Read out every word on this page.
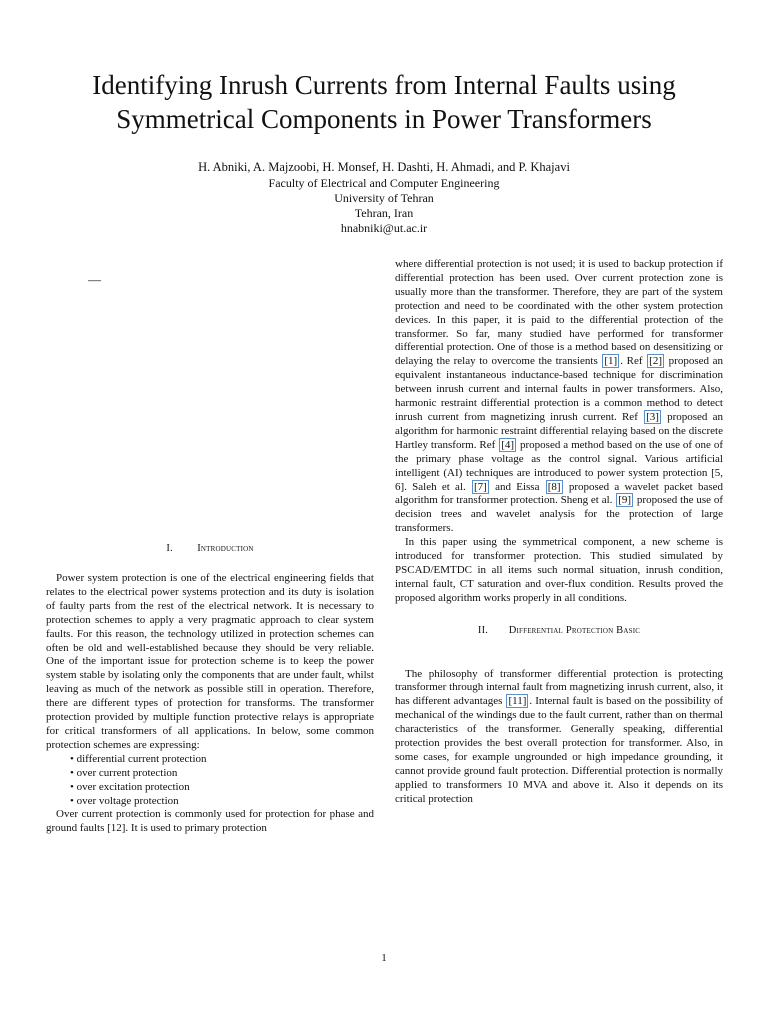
Identifying Inrush Currents from Internal Faults using
Symmetrical Components in Power Transformers
H. Abniki, A. Majzoobi, H. Monsef, H. Dashti, H. Ahmadi, and P. Khajavi
Faculty of Electrical and Computer Engineering
University of Tehran
Tehran, Iran
hnabniki@ut.ac.ir
—
I. Introduction

Power system protection is one of the electrical engineering fields that relates to the electrical power systems protection and its duty is isolation of faulty parts from the rest of the electrical network. It is necessary to protection schemes to apply a very pragmatic approach to clear system faults. For this reason, the technology utilized in protection schemes can often be old and well-established because they should be very reliable. One of the important issue for protection scheme is to keep the power system stable by isolating only the components that are under fault, whilst leaving as much of the network as possible still in operation. Therefore, there are different types of protection for transforms. The transformer protection provided by multiple function protective relays is appropriate for critical transformers of all applications. In below, some common protection schemes are expressing:

• differential current protection
• over current protection
• over excitation protection
• over voltage protection

Over current protection is commonly used for protection for phase and ground faults [12]. It is used to primary protection

where differential protection is not used; it is used to backup protection if differential protection has been used. Over current protection zone is usually more than the transformer. Therefore, they are part of the system protection and need to be coordinated with the other system protection devices. In this paper, it is paid to the differential protection of the transformer. So far, many studied have performed for transformer differential protection. One of those is a method based on desensitizing or delaying the relay to overcome the transients [1] . Ref [2] proposed an equivalent instantaneous inductance-based technique for discrimination between inrush current and internal faults in power transformers. Also, harmonic restraint differential protection is a common method to detect inrush current from magnetizing inrush current. Ref [3] proposed an algorithm for harmonic restraint differential relaying based on the discrete Hartley transform. Ref [4] proposed a method based on the use of one of the primary phase voltage as the control signal. Various artificial intelligent (AI) techniques are introduced to power system protection [5, 6]. Saleh et al. [7] and Eissa [8] proposed a wavelet packet based algorithm for transformer protection. Sheng et al. [9] proposed the use of decision trees and wavelet analysis for the protection of large transformers.

In this paper using the symmetrical component, a new scheme is introduced for transformer protection. This studied simulated by PSCAD/EMTDC in all items such normal situation, inrush condition, internal fault, CT saturation and over-flux condition. Results proved the proposed algorithm works properly in all conditions.

II. Differential Protection Basic

The philosophy of transformer differential protection is protecting transformer through internal fault from magnetizing inrush current, also, it has different advantages [11] . Internal fault is based on the possibility of mechanical of the windings due to the fault current, rather than on thermal characteristics of the transformer. Generally speaking, differential protection provides the best overall protection for transformer. Also, in some cases, for example ungrounded or high impedance grounding, it cannot provide ground fault protection. Differential protection is normally applied to transformers 10 MVA and above it. Also it depends on its critical protection

1
